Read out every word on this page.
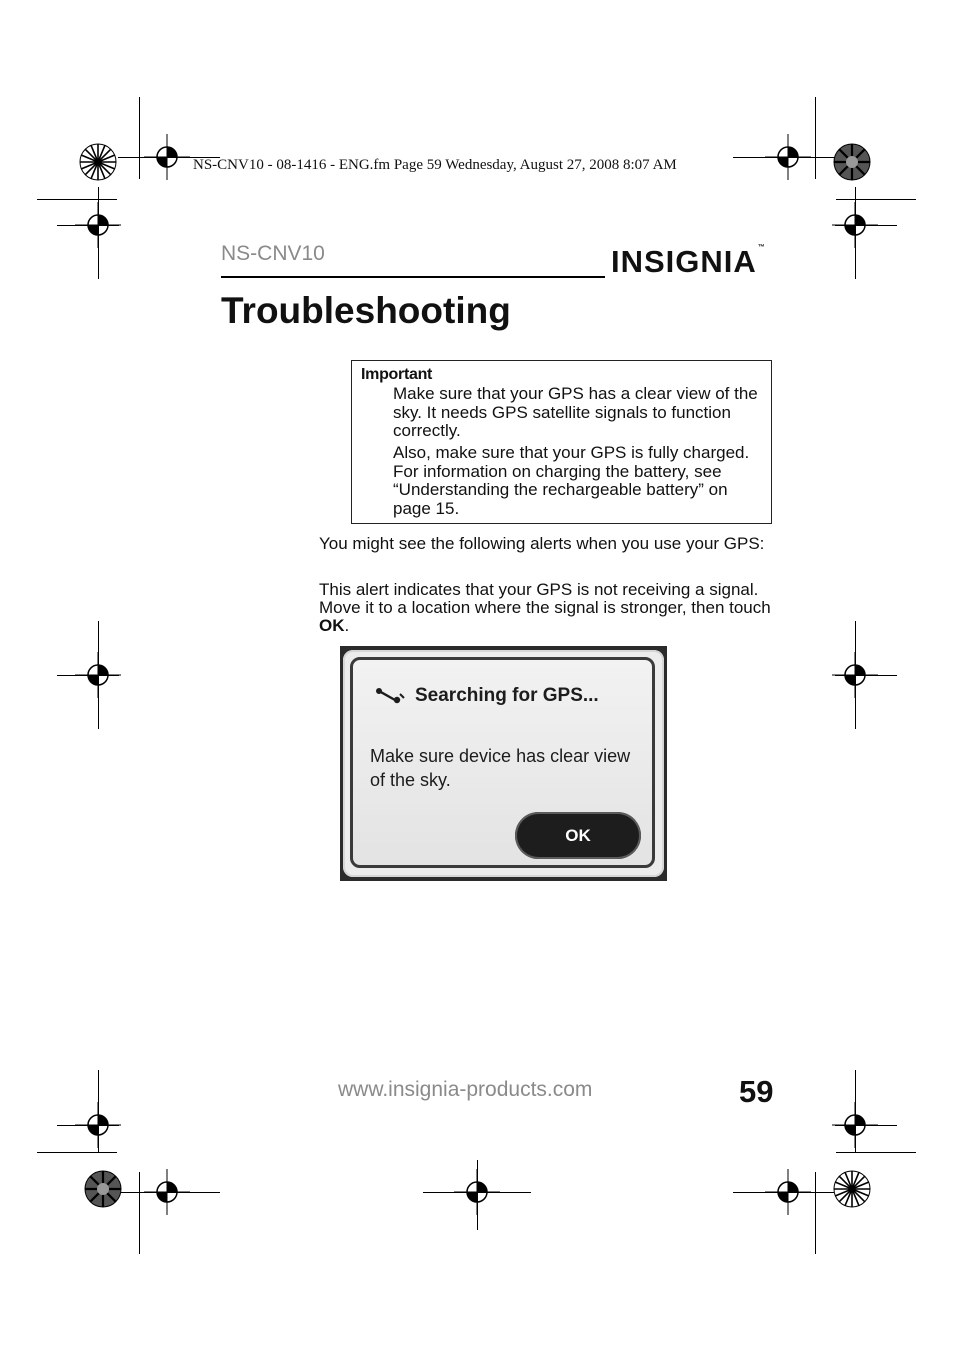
NS-CNV10 - 08-1416 - ENG.fm Page 59 Wednesday, August 27, 2008 8:07 AM
NS-CNV10	INSIGNIA™
Troubleshooting
Important

Make sure that your GPS has a clear view of the sky. It needs GPS satellite signals to function correctly.

Also, make sure that your GPS is fully charged. For information on charging the battery, see “Understanding the rechargeable battery” on page 15.

You might see the following alerts when you use your GPS:

This alert indicates that your GPS is not receiving a signal. Move it to a location where the signal is stronger, then touch OK.

Searching for GPS...
Make sure device has clear view of the sky.
OK
www.insignia-products.com	59
